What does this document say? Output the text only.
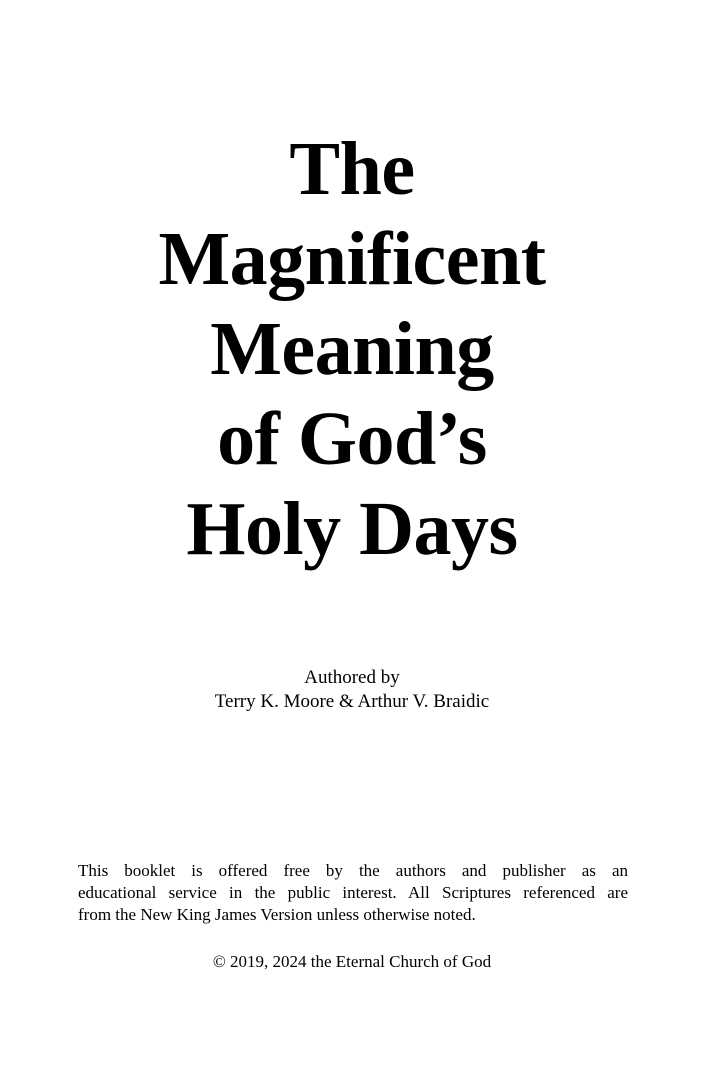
The
Magnificent
Meaning
of God’s
Holy Days
Authored by
Terry K. Moore & Arthur V. Braidic
This booklet is offered free by the authors and publisher as an
educational service in the public interest. All Scriptures referenced are
from the New King James Version unless otherwise noted.
© 2019, 2024 the Eternal Church of God
